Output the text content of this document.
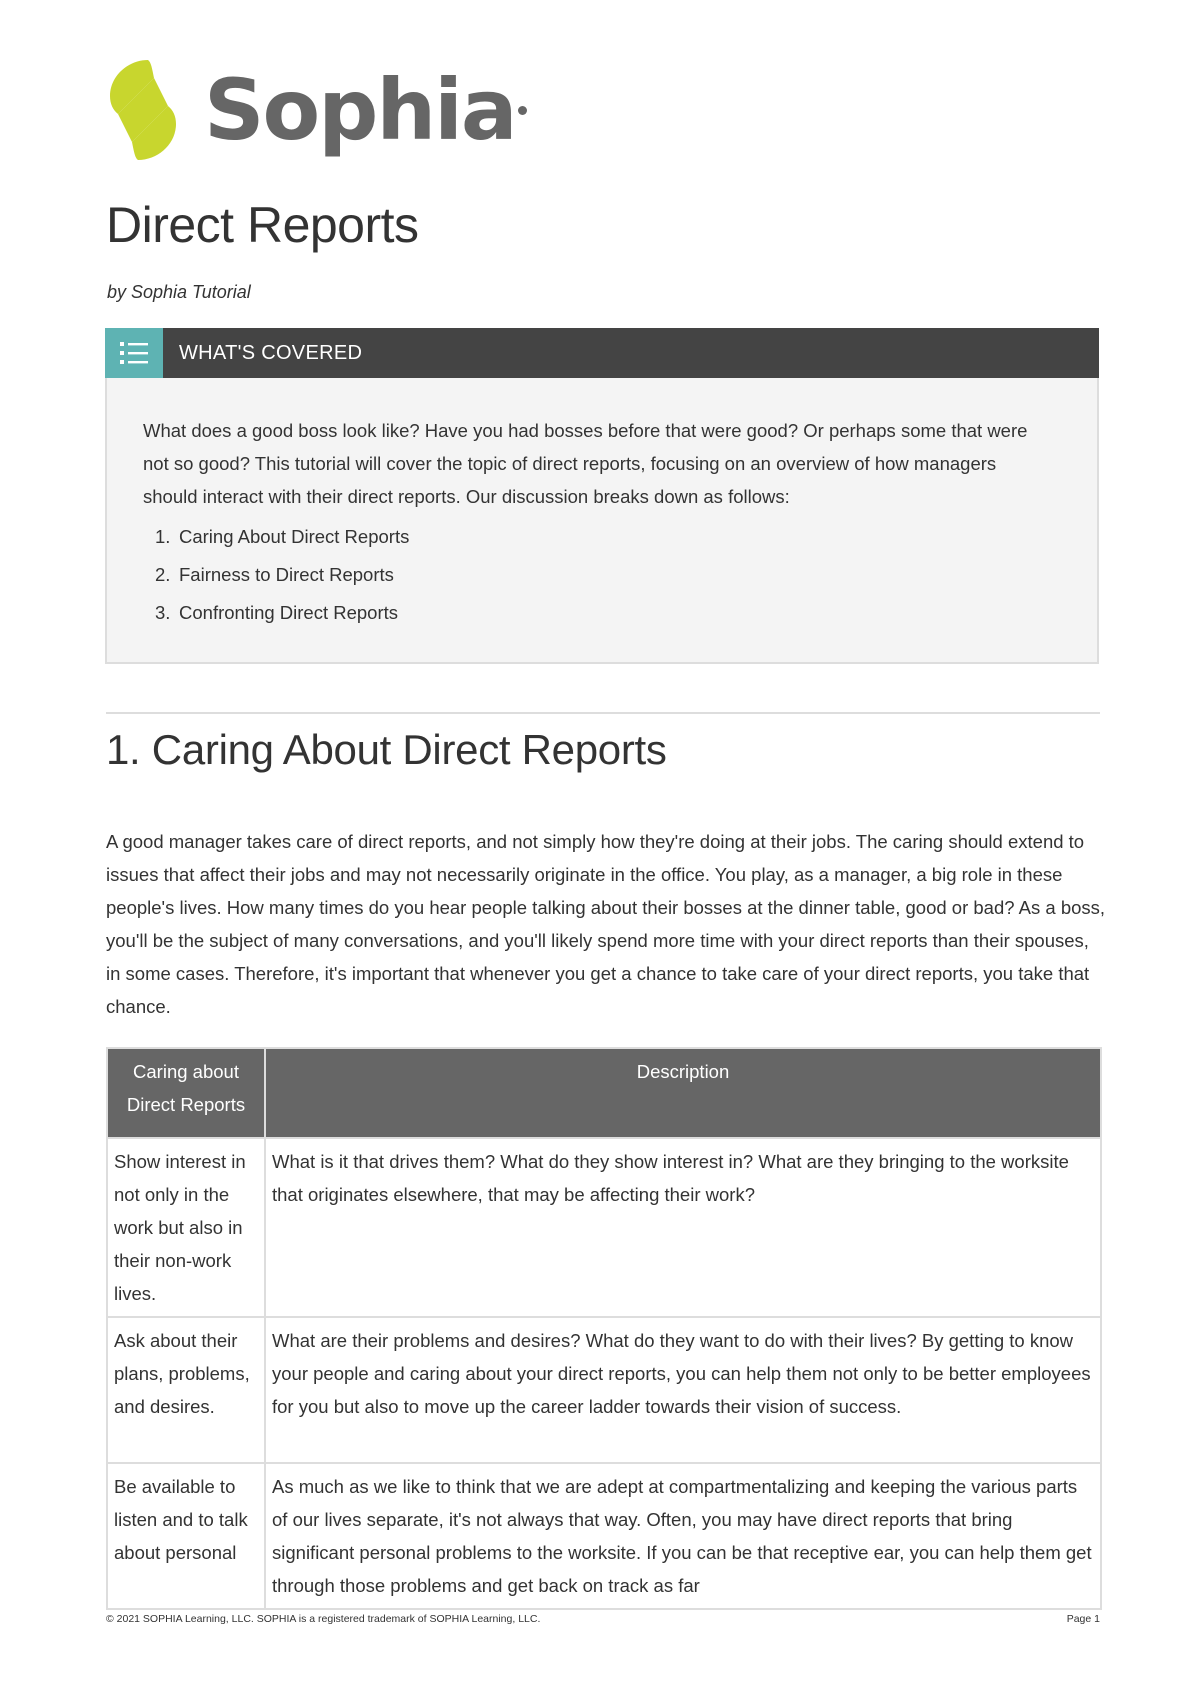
Sophia
Direct Reports
by Sophia Tutorial
WHAT'S COVERED

What does a good boss look like? Have you had bosses before that were good? Or perhaps some that were not so good? This tutorial will cover the topic of direct reports, focusing on an overview of how managers should interact with their direct reports. Our discussion breaks down as follows:

1. Caring About Direct Reports
2. Fairness to Direct Reports
3. Confronting Direct Reports
1. Caring About Direct Reports

A good manager takes care of direct reports, and not simply how they're doing at their jobs. The caring should extend to issues that affect their jobs and may not necessarily originate in the office. You play, as a manager, a big role in these people's lives. How many times do you hear people talking about their bosses at the dinner table, good or bad? As a boss, you'll be the subject of many conversations, and you'll likely spend more time with your direct reports than their spouses, in some cases. Therefore, it's important that whenever you get a chance to take care of your direct reports, you take that chance.

Caring about Direct Reports	Description
Show interest in not only in the work but also in their non-work lives.	What is it that drives them? What do they show interest in? What are they bringing to the worksite that originates elsewhere, that may be affecting their work?
Ask about their plans, problems, and desires.	What are their problems and desires? What do they want to do with their lives? By getting to know your people and caring about your direct reports, you can help them not only to be better employees for you but also to move up the career ladder towards their vision of success.
Be available to listen and to talk about personal	As much as we like to think that we are adept at compartmentalizing and keeping the various parts of our lives separate, it's not always that way. Often, you may have direct reports that bring significant personal problems to the worksite. If you can be that receptive ear, you can help them get through those problems and get back on track as far
© 2021 SOPHIA Learning, LLC. SOPHIA is a registered trademark of SOPHIA Learning, LLC.	Page 1
